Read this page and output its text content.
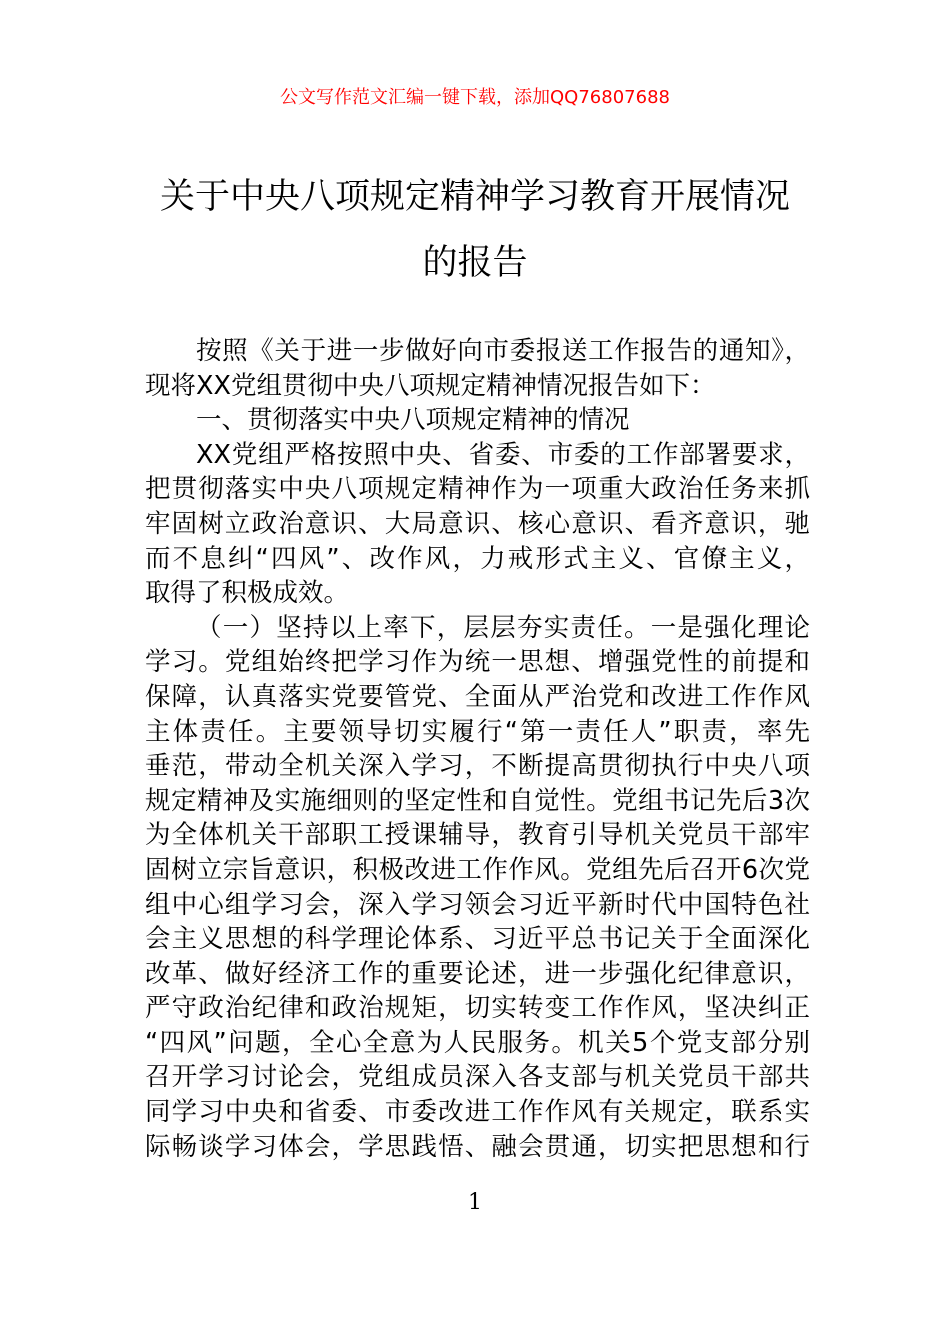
公文写作范文汇编一键下载，添加QQ76807688
关于中央八项规定精神学习教育开展情况
的报告
按照《关于进一步做好向市委报送工作报告的通知》，
现将XX党组贯彻中央八项规定精神情况报告如下：
一、贯彻落实中央八项规定精神的情况
XX党组严格按照中央、省委、市委的工作部署要求，
把贯彻落实中央八项规定精神作为一项重大政治任务来抓
牢固树立政治意识、大局意识、核心意识、看齐意识，驰
而不息纠“四风”、改作风，力戒形式主义、官僚主义，
取得了积极成效。
（一）坚持以上率下，层层夯实责任。一是强化理论
学习。党组始终把学习作为统一思想、增强党性的前提和
保障，认真落实党要管党、全面从严治党和改进工作作风
主体责任。主要领导切实履行“第一责任人”职责，率先
垂范，带动全机关深入学习，不断提高贯彻执行中央八项
规定精神及实施细则的坚定性和自觉性。党组书记先后3次
为全体机关干部职工授课辅导，教育引导机关党员干部牢
固树立宗旨意识，积极改进工作作风。党组先后召开6次党
组中心组学习会，深入学习领会习近平新时代中国特色社
会主义思想的科学理论体系、习近平总书记关于全面深化
改革、做好经济工作的重要论述，进一步强化纪律意识，
严守政治纪律和政治规矩，切实转变工作作风，坚决纠正
“四风”问题，全心全意为人民服务。机关5个党支部分别
召开学习讨论会，党组成员深入各支部与机关党员干部共
同学习中央和省委、市委改进工作作风有关规定，联系实
际畅谈学习体会，学思践悟、融会贯通，切实把思想和行
1
